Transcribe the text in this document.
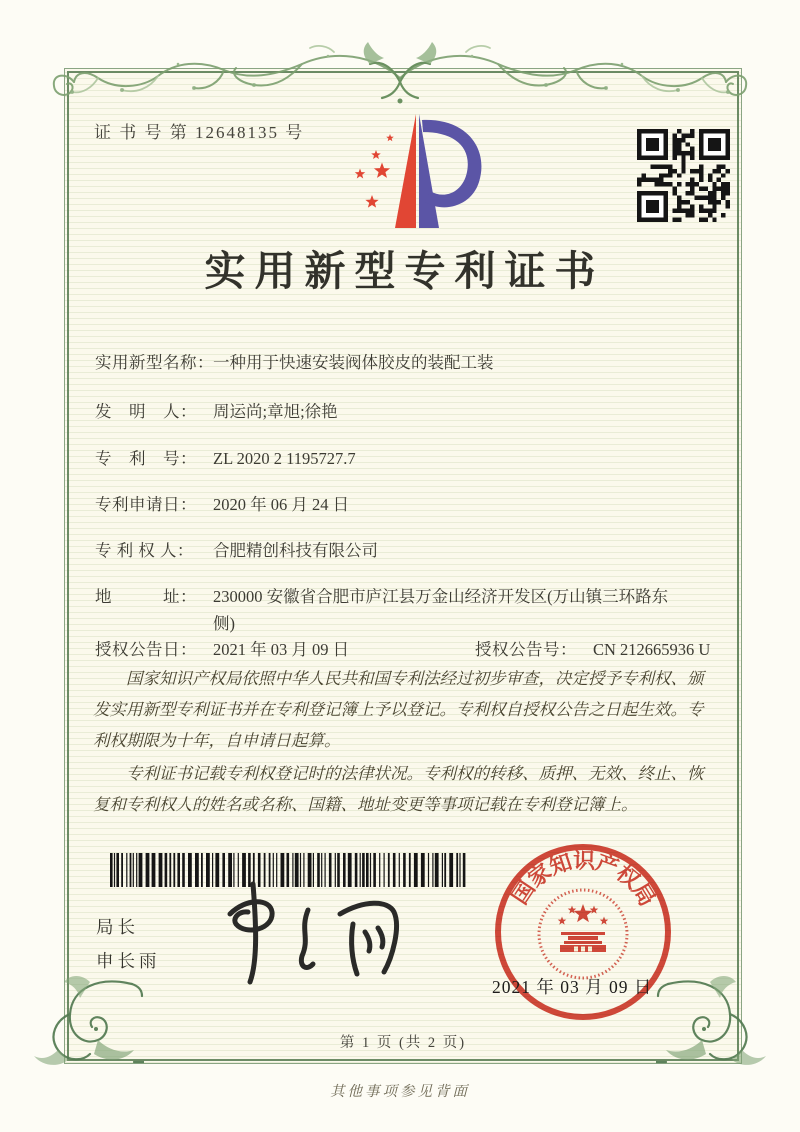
证 书 号 第 12648135 号
实用新型专利证书
实用新型名称： 一种用于快速安装阀体胶皮的装配工装
发　明　人： 周运尚;章旭;徐艳
专　利　号： ZL 2020 2 1195727.7
专利申请日： 2020 年 06 月 24 日
专 利 权 人：	合肥精创科技有限公司
地　　　址： 230000 安徽省合肥市庐江县万金山经济开发区(万山镇三环路东侧)
授权公告日： 2021 年 03 月 09 日	授权公告号： CN 212665936 U

国家知识产权局依照中华人民共和国专利法经过初步审查，决定授予专利权、颁发实用新型专利证书并在专利登记簿上予以登记。专利权自授权公告之日起生效。专利权期限为十年，自申请日起算。

专利证书记载专利权登记时的法律状况。专利权的转移、质押、无效、终止、恢复和专利权人的姓名或名称、国籍、地址变更等事项记载在专利登记簿上。

局长
申长雨
国家知识产权局
2021 年 03 月 09 日
第 1 页 (共 2 页)
其他事项参见背面
